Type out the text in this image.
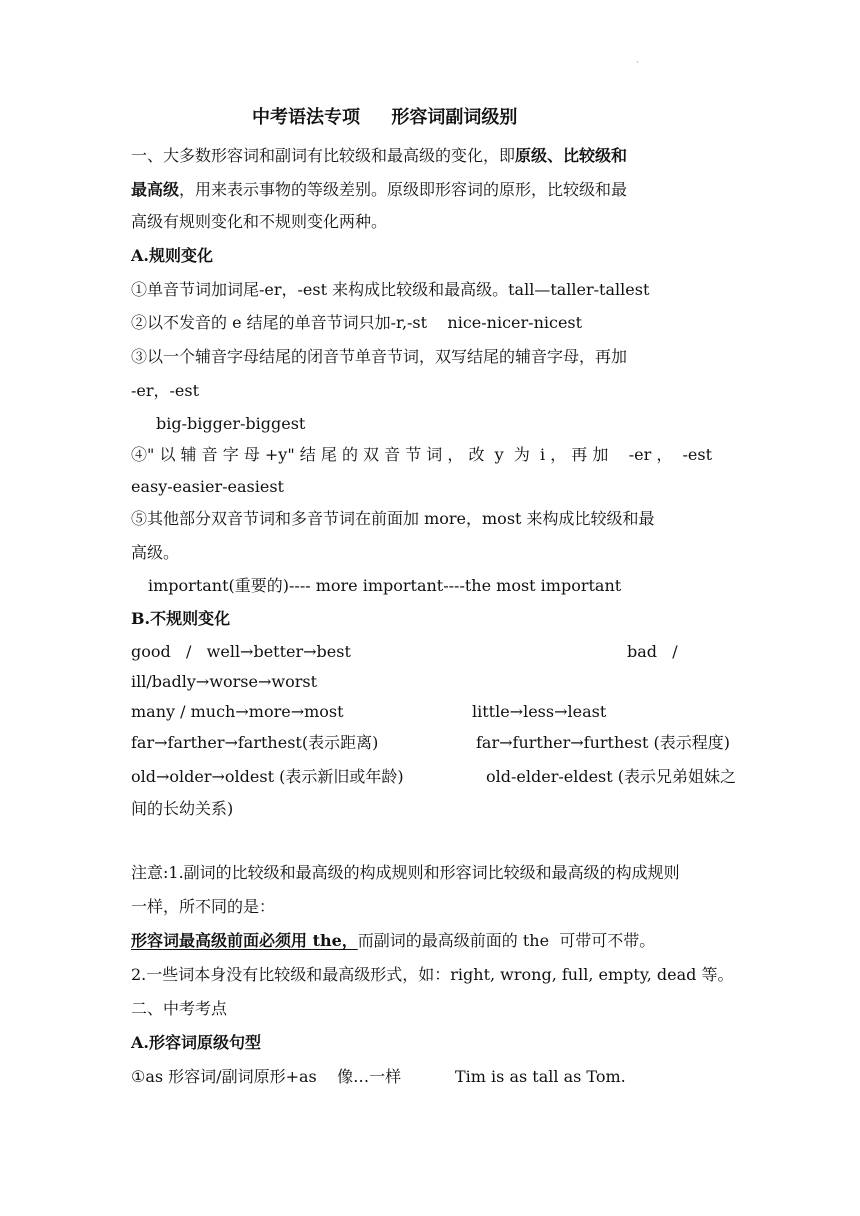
·
中考语法专项     形容词副词级别
一、大多数形容词和副词有比较级和最高级的变化，即原级、比较级和
最高级，用来表示事物的等级差别。原级即形容词的原形，比较级和最
高级有规则变化和不规则变化两种。
A.规则变化
①单音节词加词尾-er，-est 来构成比较级和最高级。tall—taller-tallest
②以不发音的 e 结尾的单音节词只加-r,-st    nice-nicer-nicest
③以一个辅音字母结尾的闭音节单音节词，双写结尾的辅音字母，再加
-er，-est
big-bigger-biggest
④" 以 辅 音 字 母 +y" 结 尾 的 双 音 节 词 ， 改  y  为  i ， 再 加    -er ，  -est
easy-easier-easiest
⑤其他部分双音节词和多音节词在前面加 more，most 来构成比较级和最
高级。
important(重要的)---- more important----the most important
B.不规则变化
good   /   well→better→best	bad   /
ill/badly→worse→worst
many / much→more→most	little→less→least
far→farther→farthest(表示距离)	far→further→furthest (表示程度)
old→older→oldest (表示新旧或年龄)	old-elder-eldest (表示兄弟姐妹之
间的长幼关系)
注意:1.副词的比较级和最高级的构成规则和形容词比较级和最高级的构成规则
一样，所不同的是：
形容词最高级前面必须用 the，而副词的最高级前面的 the  可带可不带。
2.一些词本身没有比较级和最高级形式，如：right, wrong, full, empty, dead 等。
二、中考考点
A.形容词原级句型
①as 形容词/副词原形+as    像…一样	Tim is as tall as Tom.
